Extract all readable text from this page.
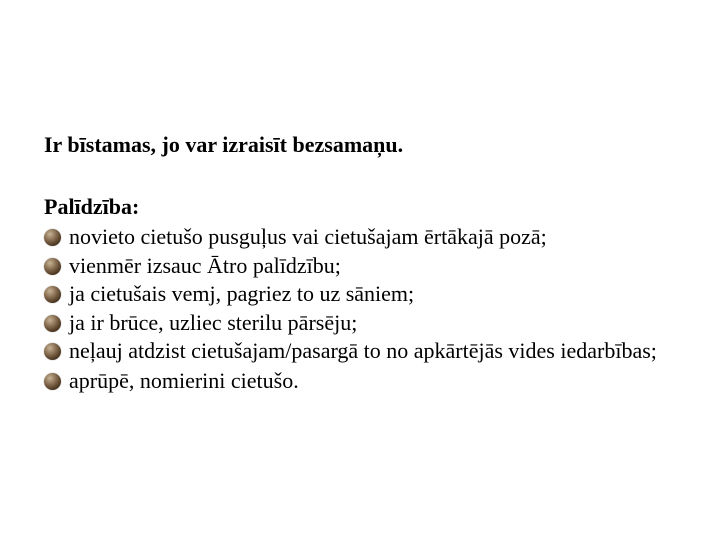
Ir bīstamas, jo var izraisīt bezsamaņu.
Palīdzība:
novieto cietušo pusguļus vai cietušajam ērtākajā pozā;
vienmēr izsauc Ātro palīdzību;
ja cietušais vemj, pagriez to uz sāniem;
ja ir brūce, uzliec sterilu pārsēju;
neļauj atdzist cietušajam/pasargā to no apkārtējās vides iedarbības;
aprūpē, nomierini cietušo.
